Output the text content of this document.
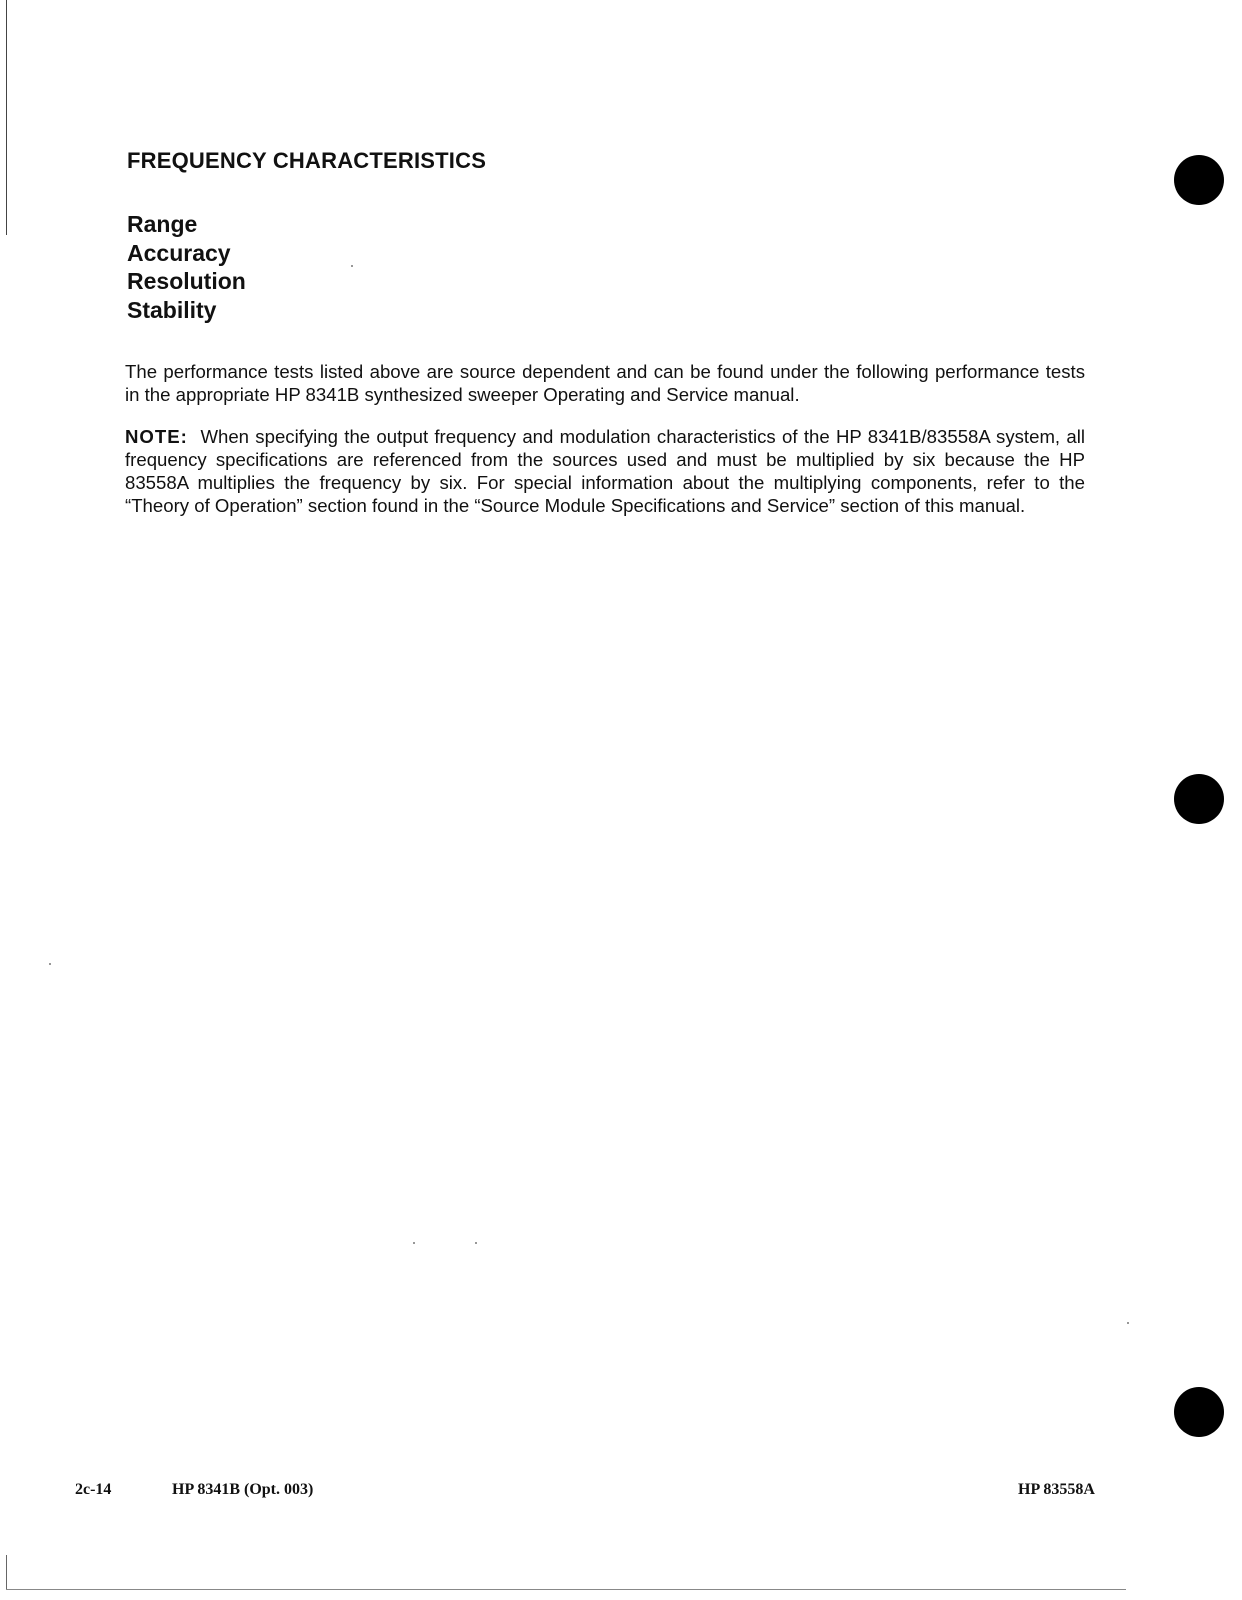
FREQUENCY CHARACTERISTICS
Range
Accuracy
Resolution
Stability

The performance tests listed above are source dependent and can be found under the following performance tests in the appropriate HP 8341B synthesized sweeper Operating and Service manual.

NOTE: When specifying the output frequency and modulation characteristics of the HP 8341B/83558A system, all frequency specifications are referenced from the sources used and must be multiplied by six because the HP 83558A multiplies the frequency by six. For special information about the multiplying components, refer to the “Theory of Operation” section found in the “Source Module Specifications and Service” section of this manual.

2c-14	HP 8341B (Opt. 003)	HP 83558A
